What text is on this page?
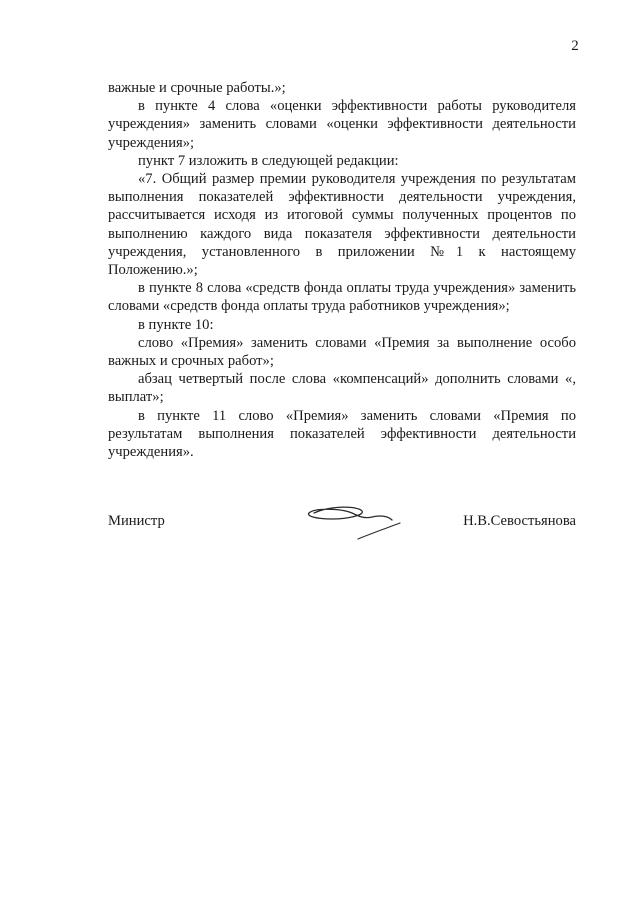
2

важные и срочные работы.»;

в пункте 4 слова «оценки эффективности работы руководителя учреждения» заменить словами «оценки эффективности деятельности учреждения»;

пункт 7 изложить в следующей редакции:

«7. Общий размер премии руководителя учреждения по результатам выполнения показателей эффективности деятельности учреждения, рассчитывается исходя из итоговой суммы полученных процентов по выполнению каждого вида показателя эффективности деятельности учреждения, установленного в приложении №1 к настоящему Положению.»;

в пункте 8 слова «средств фонда оплаты труда учреждения» заменить словами «средств фонда оплаты труда работников учреждения»;

в пункте 10:

слово «Премия» заменить словами «Премия за выполнение особо важных и срочных работ»;

абзац четвертый после слова «компенсаций» дополнить словами «, выплат»;

в пункте 11 слово «Премия» заменить словами «Премия по результатам выполнения показателей эффективности деятельности учреждения».

Министр	Н.В.Севостьянова
